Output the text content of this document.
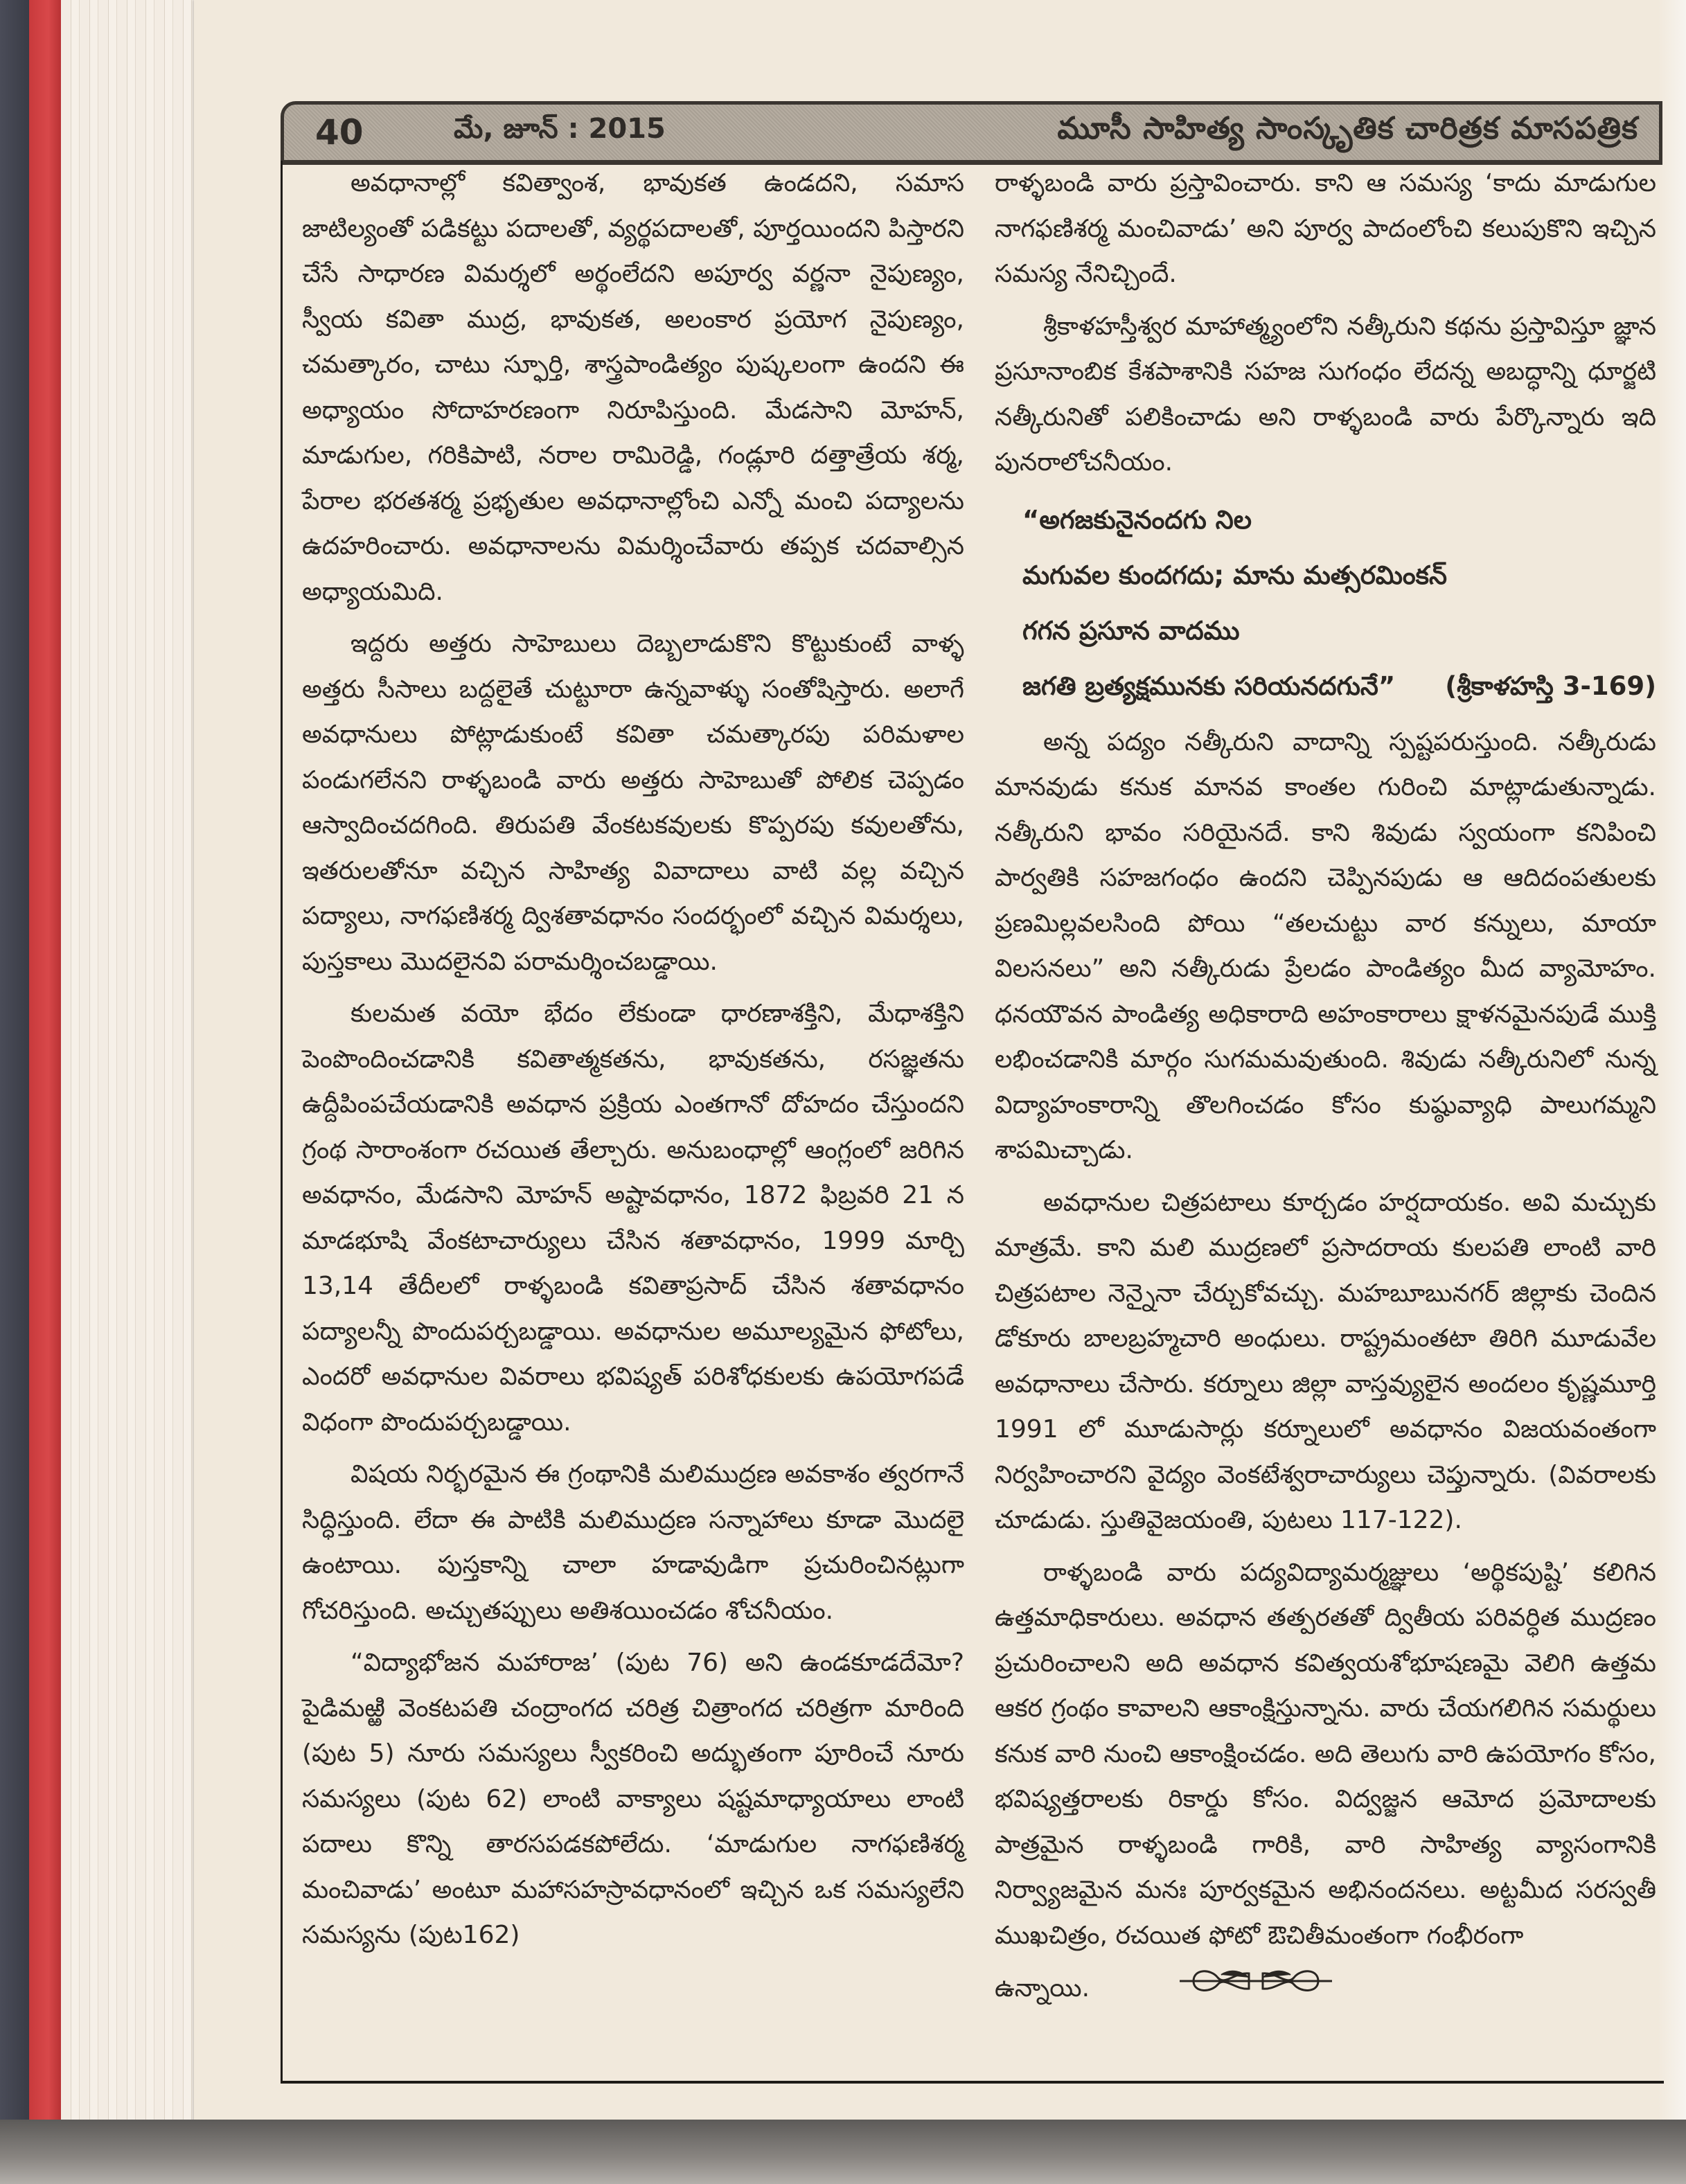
40	మే, జూన్ : 2015	మూసీ సాహిత్య సాంస్కృతిక చారిత్రక మాసపత్రిక

అవధానాల్లో కవిత్వాంశ, భావుకత ఉండదని, సమాస జాటిల్యంతో పడికట్టు పదాలతో, వ్యర్థపదాలతో, పూర్తయిందని పిస్తారని చేసే సాధారణ విమర్శలో అర్థంలేదని అపూర్వ వర్ణనా నైపుణ్యం, స్వీయ కవితా ముద్ర, భావుకత, అలంకార ప్రయోగ నైపుణ్యం, చమత్కారం, చాటు స్ఫూర్తి, శాస్త్రపాండిత్యం పుష్కలంగా ఉందని ఈ అధ్యాయం సోదాహరణంగా నిరూపిస్తుంది. మేడసాని మోహన్, మాడుగుల, గరికిపాటి, నరాల రామిరెడ్డి, గండ్లూరి దత్తాత్రేయ శర్మ, పేరాల భరతశర్మ ప్రభృతుల అవధానాల్లోంచి ఎన్నో మంచి పద్యాలను ఉదహరించారు. అవధానాలను విమర్శించేవారు తప్పక చదవాల్సిన అధ్యాయమిది.

ఇద్దరు అత్తరు సాహెబులు దెబ్బలాడుకొని కొట్టుకుంటే వాళ్ళ అత్తరు సీసాలు బద్దలైతే చుట్టూరా ఉన్నవాళ్ళు సంతోషిస్తారు. అలాగే అవధానులు పోట్లాడుకుంటే కవితా చమత్కారపు పరిమళాల పండుగలేనని రాళ్ళబండి వారు అత్తరు సాహెబుతో పోలిక చెప్పడం ఆస్వాదించదగింది. తిరుపతి వేంకటకవులకు కొప్పరపు కవులతోను, ఇతరులతోనూ వచ్చిన సాహిత్య వివాదాలు వాటి వల్ల వచ్చిన పద్యాలు, నాగఫణిశర్మ ద్విశతావధానం సందర్భంలో వచ్చిన విమర్శలు, పుస్తకాలు మొదలైనవి పరామర్శించబడ్డాయి.

కులమత వయో భేదం లేకుండా ధారణాశక్తిని, మేధాశక్తిని పెంపొందించడానికి కవితాత్మకతను, భావుకతను, రసజ్ఞతను ఉద్దీపింపచేయడానికి అవధాన ప్రక్రియ ఎంతగానో దోహదం చేస్తుందని గ్రంథ సారాంశంగా రచయిత తేల్చారు. అనుబంధాల్లో ఆంగ్లంలో జరిగిన అవధానం, మేడసాని మోహన్ అష్టావధానం, 1872 ఫిబ్రవరి 21 న మాడభూషి వేంకటాచార్యులు చేసిన శతావధానం, 1999 మార్చి 13,14 తేదీలలో రాళ్ళబండి కవితాప్రసాద్ చేసిన శతావధానం పద్యాలన్నీ పొందుపర్చబడ్డాయి. అవధానుల అమూల్యమైన ఫోటోలు, ఎందరో అవధానుల వివరాలు భవిష్యత్ పరిశోధకులకు ఉపయోగపడే విధంగా పొందుపర్చబడ్డాయి.

విషయ నిర్భరమైన ఈ గ్రంథానికి మలిముద్రణ అవకాశం త్వరగానే సిద్ధిస్తుంది. లేదా ఈ పాటికి మలిముద్రణ సన్నాహాలు కూడా మొదలై ఉంటాయి. పుస్తకాన్ని చాలా హడావుడిగా ప్రచురించినట్లుగా గోచరిస్తుంది. అచ్చుతప్పులు అతిశయించడం శోచనీయం.

“విద్యాభోజన మహారాజ’ (పుట 76) అని ఉండకూడదేమో? పైడిమఱ్ఱి వెంకటపతి చంద్రాంగద చరిత్ర చిత్రాంగద చరిత్రగా మారింది (పుట 5) నూరు సమస్యలు స్వీకరించి అద్భుతంగా పూరించే నూరు సమస్యలు (పుట 62) లాంటి వాక్యాలు షష్టమాధ్యాయాలు లాంటి పదాలు కొన్ని తారసపడకపోలేదు. ‘మాడుగుల నాగఫణిశర్మ మంచివాడు’ అంటూ మహాసహస్రావధానంలో ఇచ్చిన ఒక సమస్యలేని సమస్యను (పుట162)

రాళ్ళబండి వారు ప్రస్తావించారు. కాని ఆ సమస్య ‘కాదు మాడుగుల నాగఫణిశర్మ మంచివాడు’ అని పూర్వ పాదంలోంచి కలుపుకొని ఇచ్చిన సమస్య నేనిచ్చిందే.

శ్రీకాళహస్తీశ్వర మాహాత్మ్యంలోని నత్కీరుని కథను ప్రస్తావిస్తూ జ్ఞాన ప్రసూనాంబిక కేశపాశానికి సహజ సుగంధం లేదన్న అబద్ధాన్ని ధూర్జటి నత్కీరునితో పలికించాడు అని రాళ్ళబండి వారు పేర్కొన్నారు ఇది పునరాలోచనీయం.

“అగజకునైనందగు నిల
మగువల కుందగదు; మాను మత్సరమింకన్
గగన ప్రసూన వాదము
జగతి బ్రత్యక్షమునకు సరియనదగునే” (శ్రీకాళహస్తి 3-169)

అన్న పద్యం నత్కీరుని వాదాన్ని స్పష్టపరుస్తుంది. నత్కీరుడు మానవుడు కనుక మానవ కాంతల గురించి మాట్లాడుతున్నాడు. నత్కీరుని భావం సరియైనదే. కాని శివుడు స్వయంగా కనిపించి పార్వతికి సహజగంధం ఉందని చెప్పినపుడు ఆ ఆదిదంపతులకు ప్రణమిల్లవలసింది పోయి “తలచుట్టు వార కన్నులు, మాయా విలసనలు” అని నత్కీరుడు ప్రేలడం పాండిత్యం మీద వ్యామోహం. ధనయౌవన పాండిత్య అధికారాది అహంకారాలు క్షాళనమైనపుడే ముక్తి లభించడానికి మార్గం సుగమమవుతుంది. శివుడు నత్కీరునిలో నున్న విద్యాహంకారాన్ని తొలగించడం కోసం కుష్ఠువ్యాధి పాలుగమ్మని శాపమిచ్చాడు.

అవధానుల చిత్రపటాలు కూర్చడం హర్షదాయకం. అవి మచ్చుకు మాత్రమే. కాని మలి ముద్రణలో ప్రసాదరాయ కులపతి లాంటి వారి చిత్రపటాల నెన్నైనా చేర్చుకోవచ్చు. మహబూబునగర్ జిల్లాకు చెందిన డోకూరు బాలబ్రహ్మచారి అంధులు. రాష్ట్రమంతటా తిరిగి మూడువేల అవధానాలు చేసారు. కర్నూలు జిల్లా వాస్తవ్యులైన అందలం కృష్ణమూర్తి 1991 లో మూడుసార్లు కర్నూలులో అవధానం విజయవంతంగా నిర్వహించారని వైద్యం వెంకటేశ్వరాచార్యులు చెప్తున్నారు. (వివరాలకు చూడుడు. స్తుతివైజయంతి, పుటలు 117-122).

రాళ్ళబండి వారు పద్యవిద్యామర్మజ్ఞులు ‘అర్థికపుష్టి’ కలిగిన ఉత్తమాధికారులు. అవధాన తత్పరతతో ద్వితీయ పరివర్ధిత ముద్రణం ప్రచురించాలని అది అవధాన కవిత్వయశోభూషణమై వెలిగి ఉత్తమ ఆకర గ్రంథం కావాలని ఆకాంక్షిస్తున్నాను. వారు చేయగలిగిన సమర్థులు కనుక వారి నుంచి ఆకాంక్షించడం. అది తెలుగు వారి ఉపయోగం కోసం, భవిష్యత్తరాలకు రికార్డు కోసం. విద్వజ్జన ఆమోద ప్రమోదాలకు పాత్రమైన రాళ్ళబండి గారికి, వారి సాహిత్య వ్యాసంగానికి నిర్వ్యాజమైన మనః పూర్వకమైన అభినందనలు. అట్టమీద సరస్వతీ ముఖచిత్రం, రచయిత ఫోటో ఔచితీమంతంగా గంభీరంగా

ఉన్నాయి.
